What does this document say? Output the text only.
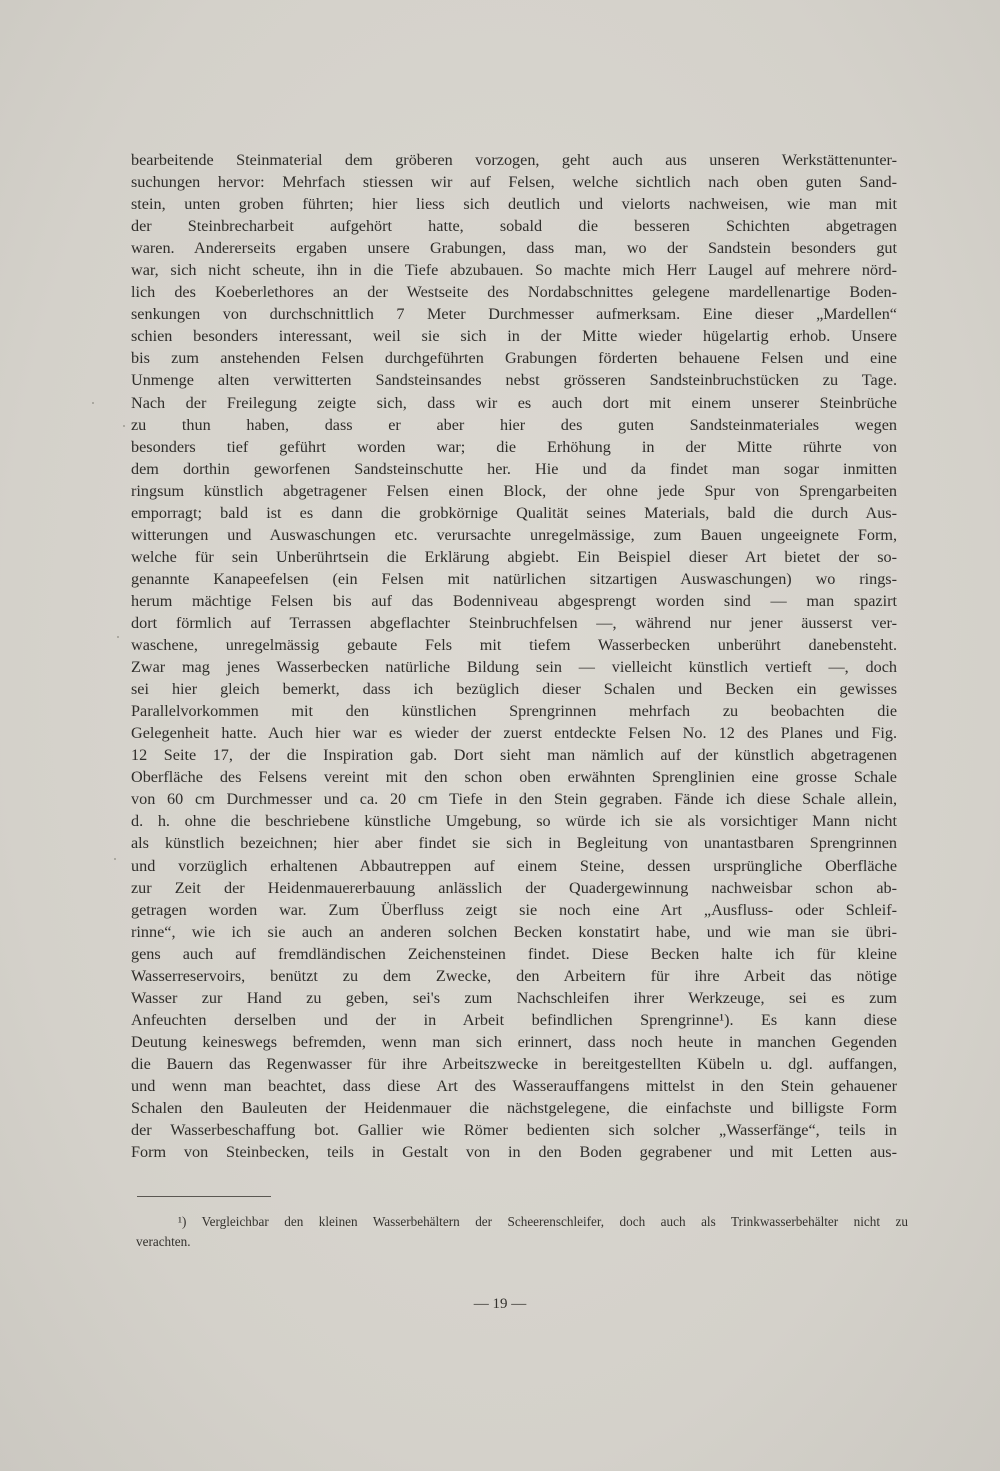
bearbeitende Steinmaterial dem gröberen vorzogen, geht auch aus unseren Werkstättenunter-
suchungen hervor: Mehrfach stiessen wir auf Felsen, welche sichtlich nach oben guten Sand-
stein, unten groben führten; hier liess sich deutlich und vielorts nachweisen, wie man mit
der Steinbrecharbeit aufgehört hatte, sobald die besseren Schichten abgetragen
waren. Andererseits ergaben unsere Grabungen, dass man, wo der Sandstein besonders gut
war, sich nicht scheute, ihn in die Tiefe abzubauen. So machte mich Herr Laugel auf mehrere nörd-
lich des Koeberlethores an der Westseite des Nordabschnittes gelegene mardellenartige Boden-
senkungen von durchschnittlich 7 Meter Durchmesser aufmerksam. Eine dieser „Mardellen“
schien besonders interessant, weil sie sich in der Mitte wieder hügelartig erhob. Unsere
bis zum anstehenden Felsen durchgeführten Grabungen förderten behauene Felsen und eine
Unmenge alten verwitterten Sandsteinsandes nebst grösseren Sandsteinbruchstücken zu Tage.
Nach der Freilegung zeigte sich, dass wir es auch dort mit einem unserer Steinbrüche
zu thun haben, dass er aber hier des guten Sandsteinmateriales wegen
besonders tief geführt worden war; die Erhöhung in der Mitte rührte von
dem dorthin geworfenen Sandsteinschutte her. Hie und da findet man sogar inmitten
ringsum künstlich abgetragener Felsen einen Block, der ohne jede Spur von Sprengarbeiten
emporragt; bald ist es dann die grobkörnige Qualität seines Materials, bald die durch Aus-
witterungen und Auswaschungen etc. verursachte unregelmässige, zum Bauen ungeeignete Form,
welche für sein Unberührtsein die Erklärung abgiebt. Ein Beispiel dieser Art bietet der so-
genannte Kanapeefelsen (ein Felsen mit natürlichen sitzartigen Auswaschungen) wo rings-
herum mächtige Felsen bis auf das Bodenniveau abgesprengt worden sind — man spazirt
dort förmlich auf Terrassen abgeflachter Steinbruchfelsen —, während nur jener äusserst ver-
waschene, unregelmässig gebaute Fels mit tiefem Wasserbecken unberührt danebensteht.
Zwar mag jenes Wasserbecken natürliche Bildung sein — vielleicht künstlich vertieft —, doch
sei hier gleich bemerkt, dass ich bezüglich dieser Schalen und Becken ein gewisses
Parallelvorkommen mit den künstlichen Sprengrinnen mehrfach zu beobachten die
Gelegenheit hatte. Auch hier war es wieder der zuerst entdeckte Felsen No. 12 des Planes und Fig.
12 Seite 17, der die Inspiration gab. Dort sieht man nämlich auf der künstlich abgetragenen
Oberfläche des Felsens vereint mit den schon oben erwähnten Sprenglinien eine grosse Schale
von 60 cm Durchmesser und ca. 20 cm Tiefe in den Stein gegraben. Fände ich diese Schale allein,
d. h. ohne die beschriebene künstliche Umgebung, so würde ich sie als vorsichtiger Mann nicht
als künstlich bezeichnen; hier aber findet sie sich in Begleitung von unantastbaren Sprengrinnen
und vorzüglich erhaltenen Abbautreppen auf einem Steine, dessen ursprüngliche Oberfläche
zur Zeit der Heidenmauererbauung anlässlich der Quadergewinnung nachweisbar schon ab-
getragen worden war. Zum Überfluss zeigt sie noch eine Art „Ausfluss- oder Schleif-
rinne“, wie ich sie auch an anderen solchen Becken konstatirt habe, und wie man sie übri-
gens auch auf fremdländischen Zeichensteinen findet. Diese Becken halte ich für kleine
Wasserreservoirs, benützt zu dem Zwecke, den Arbeitern für ihre Arbeit das nötige
Wasser zur Hand zu geben, sei's zum Nachschleifen ihrer Werkzeuge, sei es zum
Anfeuchten derselben und der in Arbeit befindlichen Sprengrinne¹). Es kann diese
Deutung keineswegs befremden, wenn man sich erinnert, dass noch heute in manchen Gegenden
die Bauern das Regenwasser für ihre Arbeitszwecke in bereitgestellten Kübeln u. dgl. auffangen,
und wenn man beachtet, dass diese Art des Wasserauffangens mittelst in den Stein gehauener
Schalen den Bauleuten der Heidenmauer die nächstgelegene, die einfachste und billigste Form
der Wasserbeschaffung bot. Gallier wie Römer bedienten sich solcher „Wasserfänge“, teils in
Form von Steinbecken, teils in Gestalt von in den Boden gegrabener und mit Letten aus-
¹) Vergleichbar den kleinen Wasserbehältern der Scheerenschleifer, doch auch als Trinkwasserbehälter nicht zu
verachten.
— 19 —
